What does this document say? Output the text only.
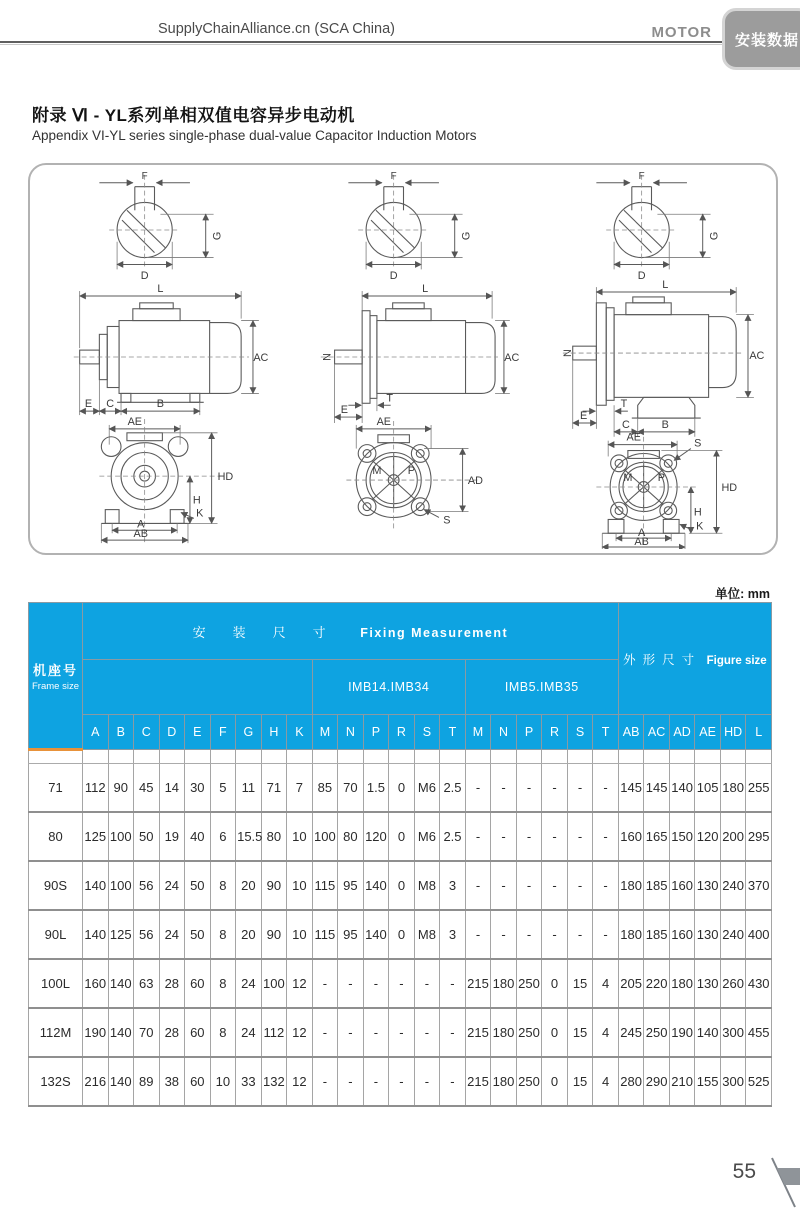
SupplyChainAlliance.cn (SCA China)	MOTOR 安装数据
附录 Ⅵ - YL系列单相双值电容异步电动机
Appendix VI-YL series single-phase dual-value Capacitor Induction Motors
F
G
D
L
AC
E C	B
AE
HD
H
K
A
AB
F
G
D
L
N	AC
E
T
AE
M P
AD
S
F
G
D
L
N	AC
E
T
C	B
AE	S
M P
HD
H
K
A
AB
单位: mm
机座号
Frame size	安装尺寸 Fixing Measurement																					外形尺寸 Figure size					
										IMB14.IMB34						IMB5.IMB35											
	A	B	C	D	E	F	G	H	K	M	N	P	R	S	T	M	N	P	R	S	T	AB	AC	AD	AE	HD	L

71	112	90	45	14	30	5	11	71	7	85	70	1.5	0	M6	2.5	-	-	-	-	-	-	145	145	140	105	180	255
80	125	100	50	19	40	6	15.5	80	10	100	80	120	0	M6	2.5	-	-	-	-	-	-	160	165	150	120	200	295
90S	140	100	56	24	50	8	20	90	10	115	95	140	0	M8	3	-	-	-	-	-	-	180	185	160	130	240	370
90L	140	125	56	24	50	8	20	90	10	115	95	140	0	M8	3	-	-	-	-	-	-	180	185	160	130	240	400
100L	160	140	63	28	60	8	24	100	12	-	-	-	-	-	-	215	180	250	0	15	4	205	220	180	130	260	430
112M	190	140	70	28	60	8	24	112	12	-	-	-	-	-	-	215	180	250	0	15	4	245	250	190	140	300	455
132S	216	140	89	38	60	10	33	132	12	-	-	-	-	-	-	215	180	250	0	15	4	280	290	210	155	300	525
55
